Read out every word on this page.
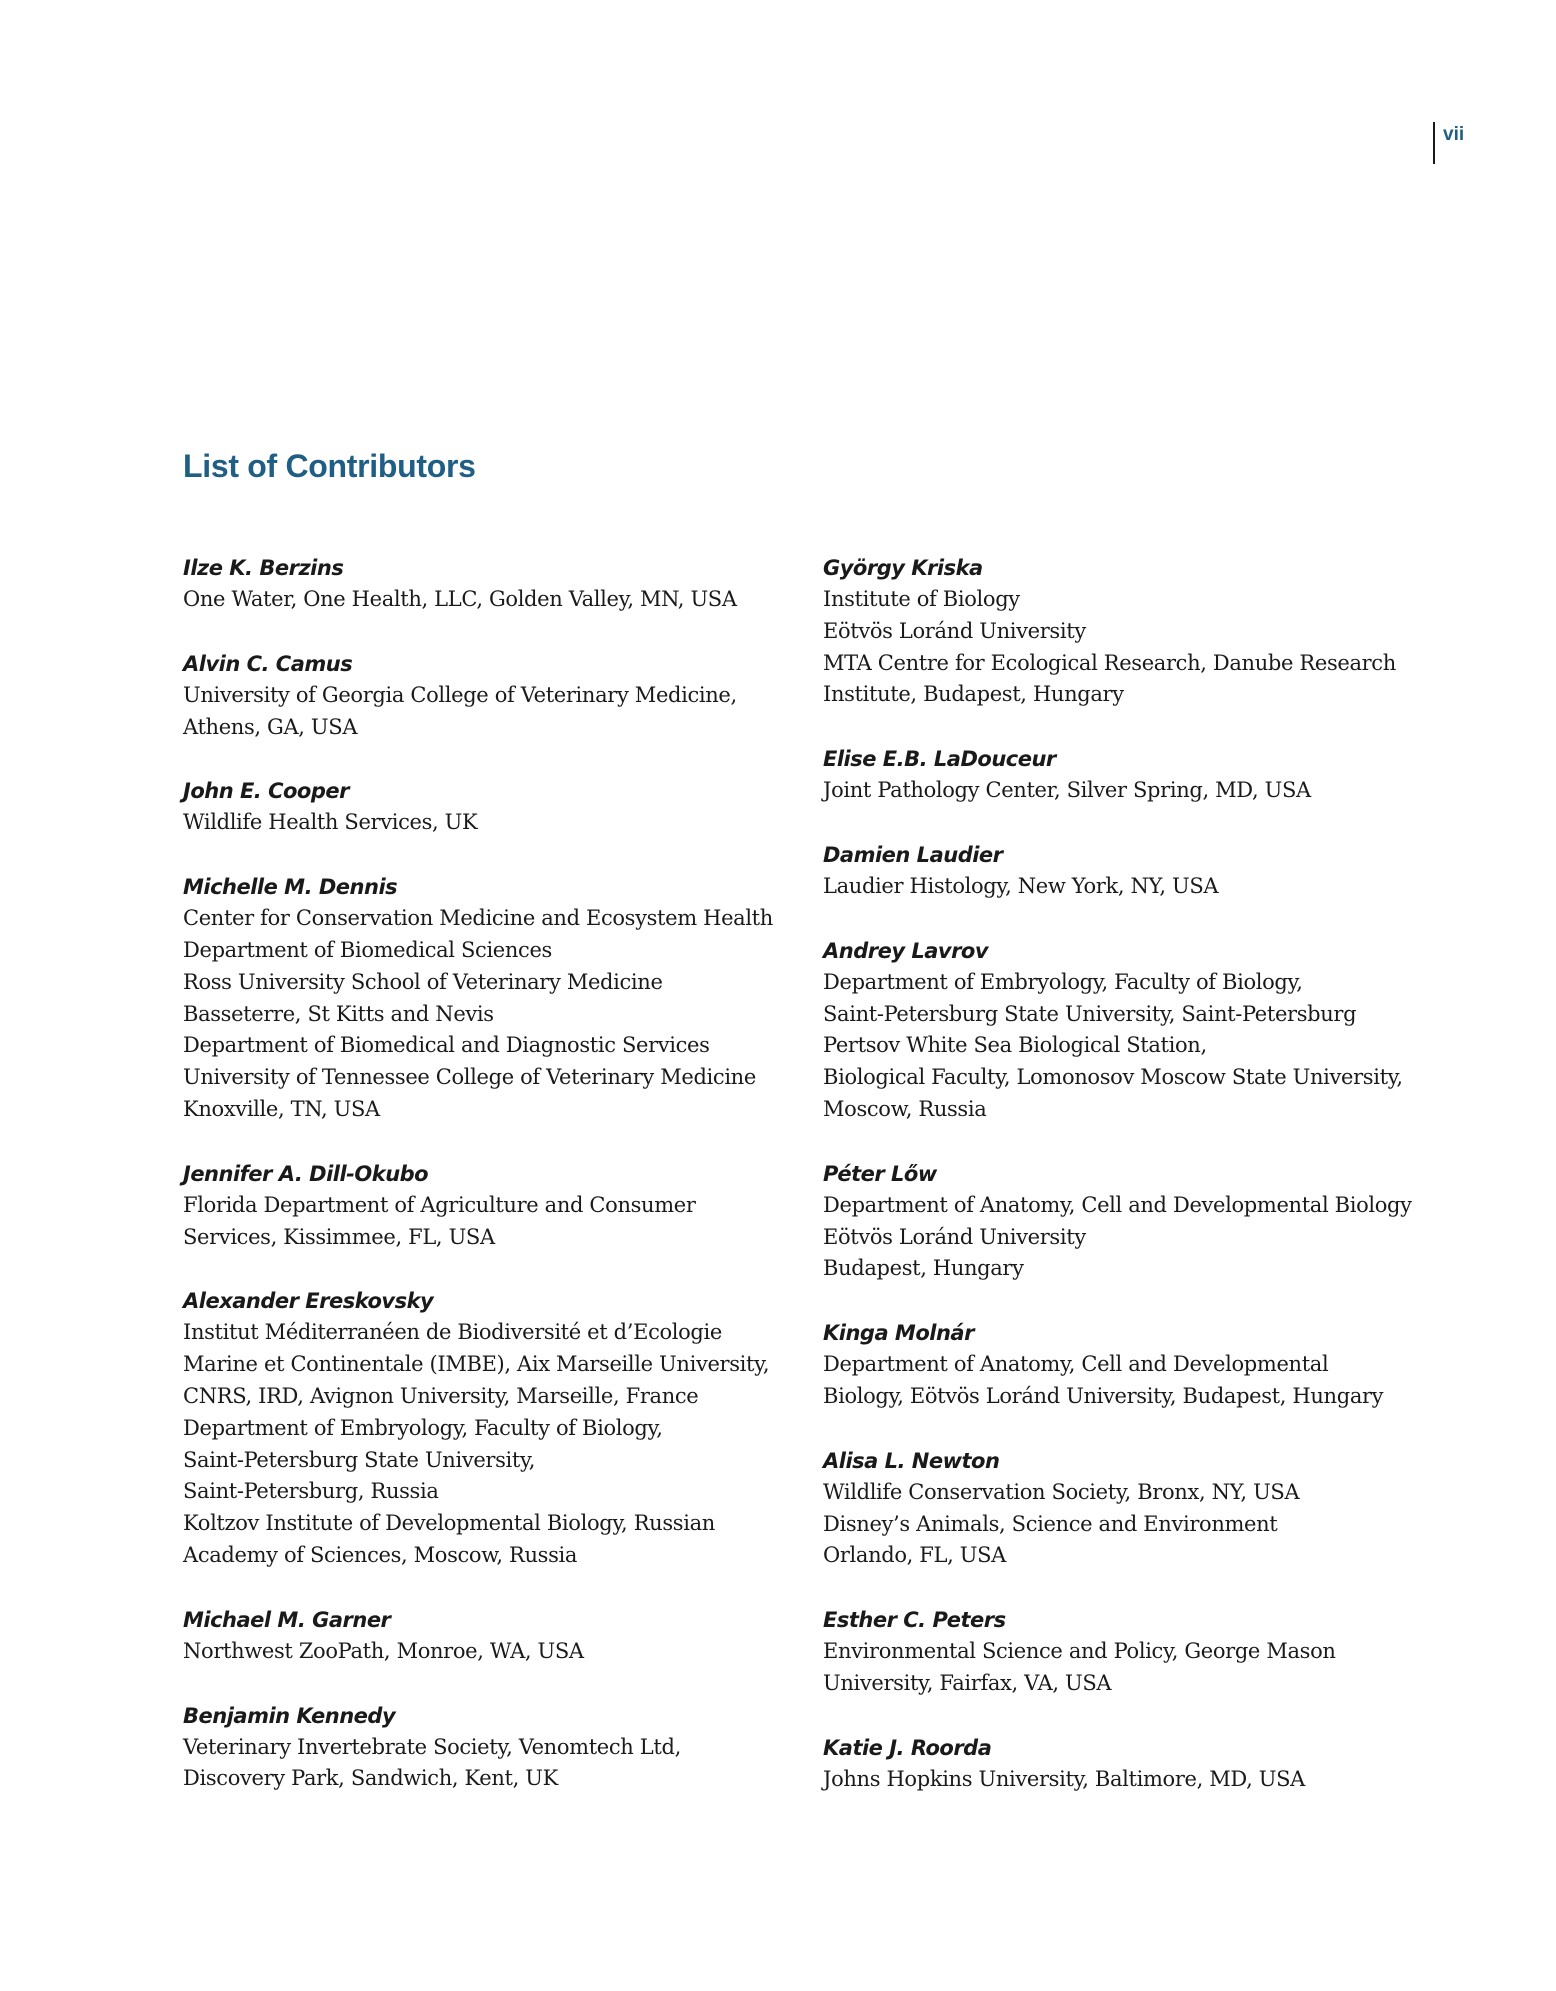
vii
List of Contributors
Ilze K. Berzins
One Water, One Health, LLC, Golden Valley, MN, USA
Alvin C. Camus
University of Georgia College of Veterinary Medicine,
Athens, GA, USA
John E. Cooper
Wildlife Health Services, UK
Michelle M. Dennis
Center for Conservation Medicine and Ecosystem Health
Department of Biomedical Sciences
Ross University School of Veterinary Medicine
Basseterre, St Kitts and Nevis
Department of Biomedical and Diagnostic Services
University of Tennessee College of Veterinary Medicine
Knoxville, TN, USA
Jennifer A. Dill-Okubo
Florida Department of Agriculture and Consumer
Services, Kissimmee, FL, USA
Alexander Ereskovsky
Institut Méditerranéen de Biodiversité et d’Ecologie
Marine et Continentale (IMBE), Aix Marseille University,
CNRS, IRD, Avignon University, Marseille, France
Department of Embryology, Faculty of Biology,
Saint-Petersburg State University,
Saint-Petersburg, Russia
Koltzov Institute of Developmental Biology, Russian
Academy of Sciences, Moscow, Russia
Michael M. Garner
Northwest ZooPath, Monroe, WA, USA
Benjamin Kennedy
Veterinary Invertebrate Society, Venomtech Ltd,
Discovery Park, Sandwich, Kent, UK
György Kriska
Institute of Biology
Eötvös Loránd University
MTA Centre for Ecological Research, Danube Research
Institute, Budapest, Hungary
Elise E.B. LaDouceur
Joint Pathology Center, Silver Spring, MD, USA
Damien Laudier
Laudier Histology, New York, NY, USA
Andrey Lavrov
Department of Embryology, Faculty of Biology,
Saint-Petersburg State University, Saint-Petersburg
Pertsov White Sea Biological Station,
Biological Faculty, Lomonosov Moscow State University,
Moscow, Russia
Péter Lőw
Department of Anatomy, Cell and Developmental Biology
Eötvös Loránd University
Budapest, Hungary
Kinga Molnár
Department of Anatomy, Cell and Developmental
Biology, Eötvös Loránd University, Budapest, Hungary
Alisa L. Newton
Wildlife Conservation Society, Bronx, NY, USA
Disney’s Animals, Science and Environment
Orlando, FL, USA
Esther C. Peters
Environmental Science and Policy, George Mason
University, Fairfax, VA, USA
Katie J. Roorda
Johns Hopkins University, Baltimore, MD, USA
